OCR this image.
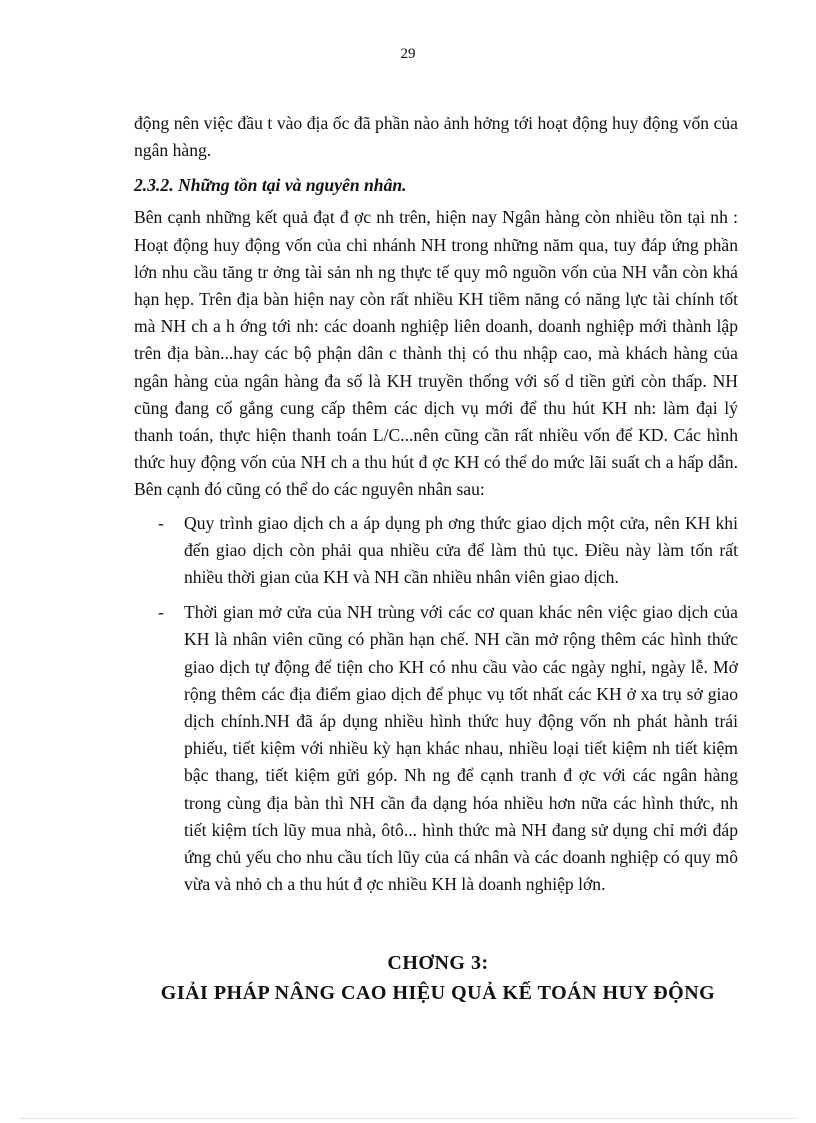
29

động nên việc đầu t vào địa ốc đã phần nào ảnh hởng tới hoạt động huy động vốn của ngân hàng.

2.3.2. Những tồn tại và nguyên nhân.

Bên cạnh những kết quả đạt đ ợc nh trên, hiện nay Ngân hàng còn nhiều tồn tại nh : Hoạt động huy động vốn của chi nhánh NH trong những năm qua, tuy đáp ứng phần lớn nhu cầu tăng tr ởng tài sản nh ng thực tế quy mô nguồn vốn của NH vẫn còn khá hạn hẹp. Trên địa bàn hiện nay còn rất nhiều KH tiềm năng có năng lực tài chính tốt mà NH ch a h ớng tới nh: các doanh nghiệp liên doanh, doanh nghiệp mới thành lập trên địa bàn...hay các bộ phận dân c thành thị có thu nhập cao, mà khách hàng của ngân hàng của ngân hàng đa số là KH truyền thống với số d tiền gửi còn thấp. NH cũng đang cố gắng cung cấp thêm các dịch vụ mới để thu hút KH nh: làm đại lý thanh toán, thực hiện thanh toán L/C...nên cũng cần rất nhiều vốn để KD. Các hình thức huy động vốn của NH ch a thu hút đ ợc KH có thể do mức lãi suất ch a hấp dẫn. Bên cạnh đó cũng có thể do các nguyên nhân sau:

- Quy trình giao dịch ch a áp dụng ph ơng thức giao dịch một cửa, nên KH khi đến giao dịch còn phải qua nhiều cửa để làm thủ tục. Điều này làm tốn rất nhiều thời gian của KH và NH cần nhiều nhân viên giao dịch.
- Thời gian mở cửa của NH trùng với các cơ quan khác nên việc giao dịch của KH là nhân viên cũng có phần hạn chế. NH cần mở rộng thêm các hình thức giao dịch tự động để tiện cho KH có nhu cầu vào các ngày nghỉ, ngày lễ. Mở rộng thêm các địa điểm giao dịch để phục vụ tốt nhất các KH ở xa trụ sở giao dịch chính.NH đã áp dụng nhiều hình thức huy động vốn nh phát hành trái phiếu, tiết kiệm với nhiều kỳ hạn khác nhau, nhiều loại tiết kiệm nh tiết kiệm bậc thang, tiết kiệm gửi góp. Nh ng để cạnh tranh đ ợc với các ngân hàng trong cùng địa bàn thì NH cần đa dạng hóa nhiều hơn nữa các hình thức, nh tiết kiệm tích lũy mua nhà, ôtô... hình thức mà NH đang sử dụng chỉ mới đáp ứng chủ yếu cho nhu cầu tích lũy của cá nhân và các doanh nghiệp có quy mô vừa và nhỏ ch a thu hút đ ợc nhiều KH là doanh nghiệp lớn.
CHƠNG 3:
GIẢI PHÁP NÂNG CAO HIỆU QUẢ KẾ TOÁN HUY ĐỘNG
